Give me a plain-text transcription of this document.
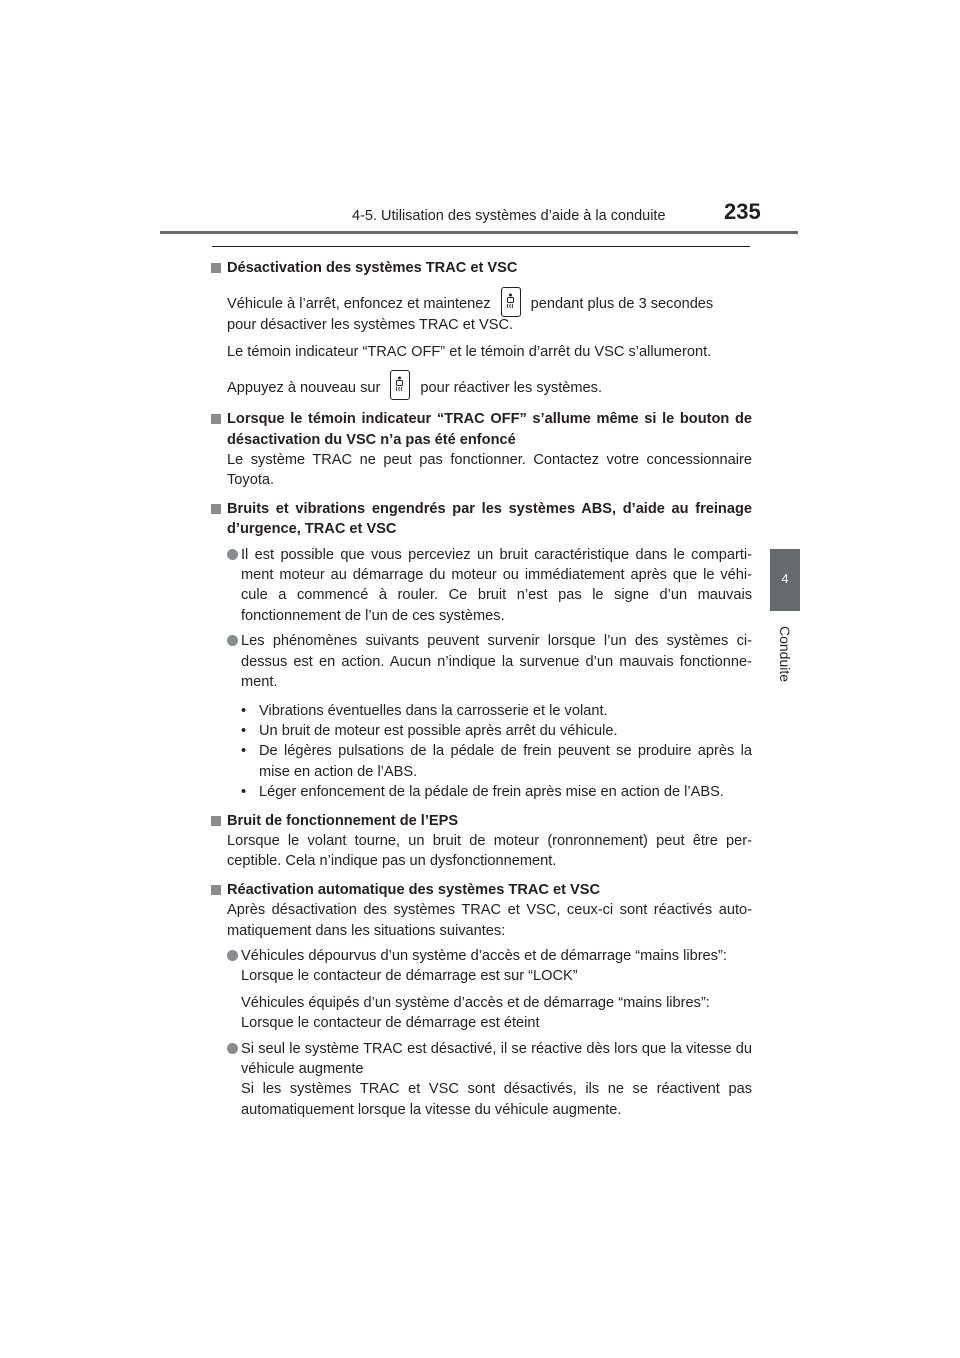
4-5. Utilisation des systèmes d’aide à la conduite	235
4
Conduite

Désactivation des systèmes TRAC et VSC

Véhicule à l’arrêt, enfoncez et maintenez	pendant plus de 3 secondes

pour désactiver les systèmes TRAC et VSC.

Le témoin indicateur “TRAC OFF” et le témoin d’arrêt du VSC s’allumeront.

Appuyez à nouveau sur	pour réactiver les systèmes.

Lorsque le témoin indicateur “TRAC OFF” s’allume même si le bouton de désactivation du VSC n’a pas été enfoncé

Le système TRAC ne peut pas fonctionner. Contactez votre concessionnaire Toyota.

Bruits et vibrations engendrés par les systèmes ABS, d’aide au freinage d’urgence, TRAC et VSC

Il est possible que vous perceviez un bruit caractéristique dans le comparti-ment moteur au démarrage du moteur ou immédiatement après que le véhi-cule a commencé à rouler. Ce bruit n’est pas le signe d’un mauvais fonctionnement de l’un de ces systèmes.

Les phénomènes suivants peuvent survenir lorsque l’un des systèmes ci-dessus est en action. Aucun n’indique la survenue d’un mauvais fonctionne-ment.

• Vibrations éventuelles dans la carrosserie et le volant.

• Un bruit de moteur est possible après arrêt du véhicule.

• De légères pulsations de la pédale de frein peuvent se produire après la mise en action de l’ABS.

• Léger enfoncement de la pédale de frein après mise en action de l’ABS.

Bruit de fonctionnement de l’EPS

Lorsque le volant tourne, un bruit de moteur (ronronnement) peut être per-ceptible. Cela n’indique pas un dysfonctionnement.

Réactivation automatique des systèmes TRAC et VSC

Après désactivation des systèmes TRAC et VSC, ceux-ci sont réactivés auto-matiquement dans les situations suivantes:

Véhicules dépourvus d’un système d’accès et de démarrage “mains libres”:

Lorsque le contacteur de démarrage est sur “LOCK”

Véhicules équipés d’un système d’accès et de démarrage “mains libres”:

Lorsque le contacteur de démarrage est éteint

Si seul le système TRAC est désactivé, il se réactive dès lors que la vitesse du véhicule augmente

Si les systèmes TRAC et VSC sont désactivés, ils ne se réactivent pas automatiquement lorsque la vitesse du véhicule augmente.
